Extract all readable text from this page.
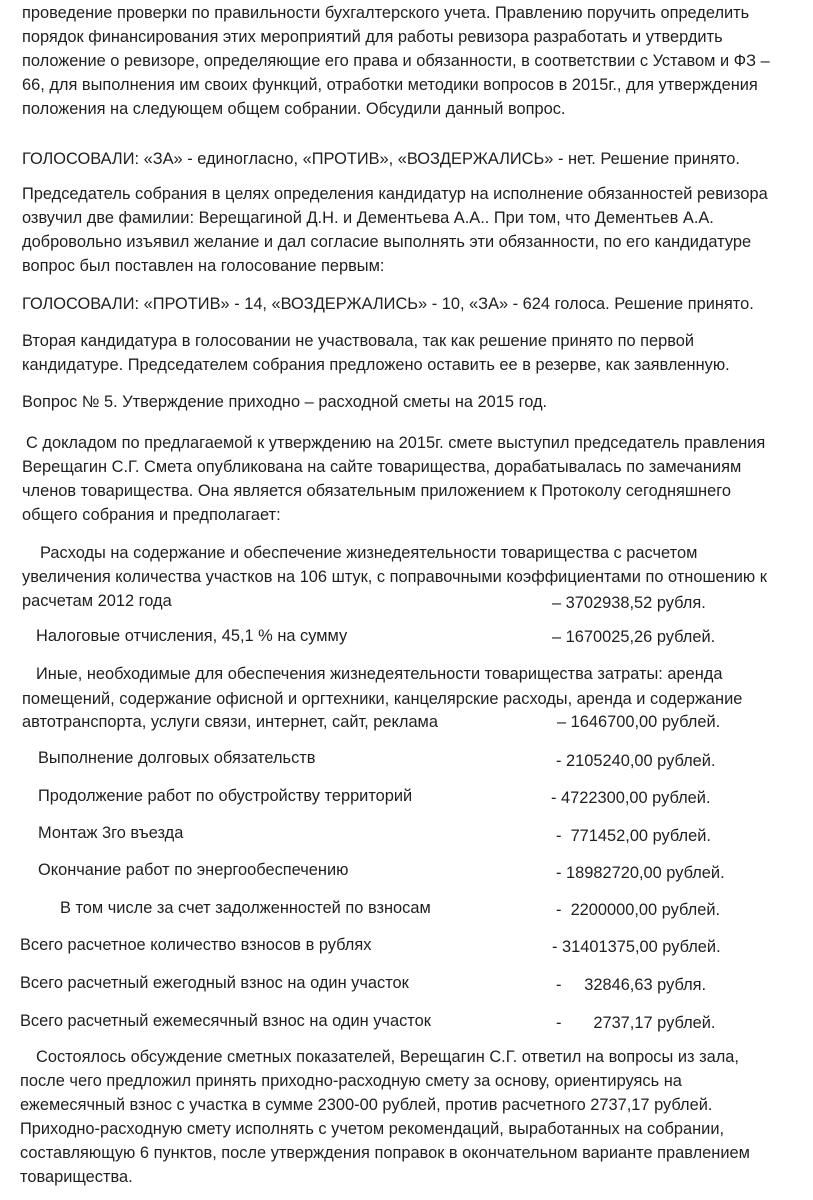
проведение проверки по правильности бухгалтерского учета. Правлению поручить определить
порядок финансирования этих мероприятий для работы ревизора разработать и утвердить
положение о ревизоре, определяющие его права и обязанности, в соответствии с Уставом и ФЗ –
66, для выполнения им своих функций, отработки методики вопросов в 2015г., для утверждения
положения на следующем общем собрании. Обсудили данный вопрос.
ГОЛОСОВАЛИ: «ЗА» - единогласно, «ПРОТИВ», «ВОЗДЕРЖАЛИСЬ» - нет. Решение принято.
Председатель собрания в целях определения кандидатур на исполнение обязанностей ревизора
озвучил две фамилии: Верещагиной Д.Н. и Дементьева А.А.. При том, что Дементьев А.А.
добровольно изъявил желание и дал согласие выполнять эти обязанности, по его кандидатуре
вопрос был поставлен на голосование первым:
ГОЛОСОВАЛИ: «ПРОТИВ» - 14, «ВОЗДЕРЖАЛИСЬ» - 10, «ЗА» - 624 голоса. Решение принято.
Вторая кандидатура в голосовании не участвовала, так как решение принято по первой
кандидатуре. Председателем собрания предложено оставить ее в резерве, как заявленную.
Вопрос № 5. Утверждение приходно – расходной сметы на 2015 год.
С докладом по предлагаемой к утверждению на 2015г. смете выступил председатель правления
Верещагин С.Г. Смета опубликована на сайте товарищества, дорабатывалась по замечаниям
членов товарищества. Она является обязательным приложением к Протоколу сегодняшнего
общего собрания и предполагает:
Расходы на содержание и обеспечение жизнедеятельности товарищества с расчетом
увеличения количества участков на 106 штук, с поправочными коэффициентами по отношению к
расчетам 2012 года	– 3702938,52 рубля.
Налоговые отчисления, 45,1 % на сумму	– 1670025,26 рублей.
Иные, необходимые для обеспечения жизнедеятельности товарищества затраты: аренда
помещений, содержание офисной и оргтехники, канцелярские расходы, аренда и содержание
автотранспорта, услуги связи, интернет, сайт, реклама	– 1646700,00 рублей.
Выполнение долговых обязательств	- 2105240,00 рублей.
Продолжение работ по обустройству территорий	- 4722300,00 рублей.
Монтаж 3го въезда	-  771452,00 рублей.
Окончание работ по энергообеспечению	- 18982720,00 рублей.
В том числе за счет задолженностей по взносам	-  2200000,00 рублей.
Всего расчетное количество взносов в рублях	- 31401375,00 рублей.
Всего расчетный ежегодный взнос на один участок	-     32846,63 рубля.
Всего расчетный ежемесячный взнос на один участок	-       2737,17 рублей.
Состоялось обсуждение сметных показателей, Верещагин С.Г. ответил на вопросы из зала,
после чего предложил принять приходно-расходную смету за основу, ориентируясь на
ежемесячный взнос с участка в сумме 2300-00 рублей, против расчетного 2737,17 рублей.
Приходно-расходную смету исполнять с учетом рекомендаций, выработанных на собрании,
составляющую 6 пунктов, после утверждения поправок в окончательном варианте правлением
товарищества.
